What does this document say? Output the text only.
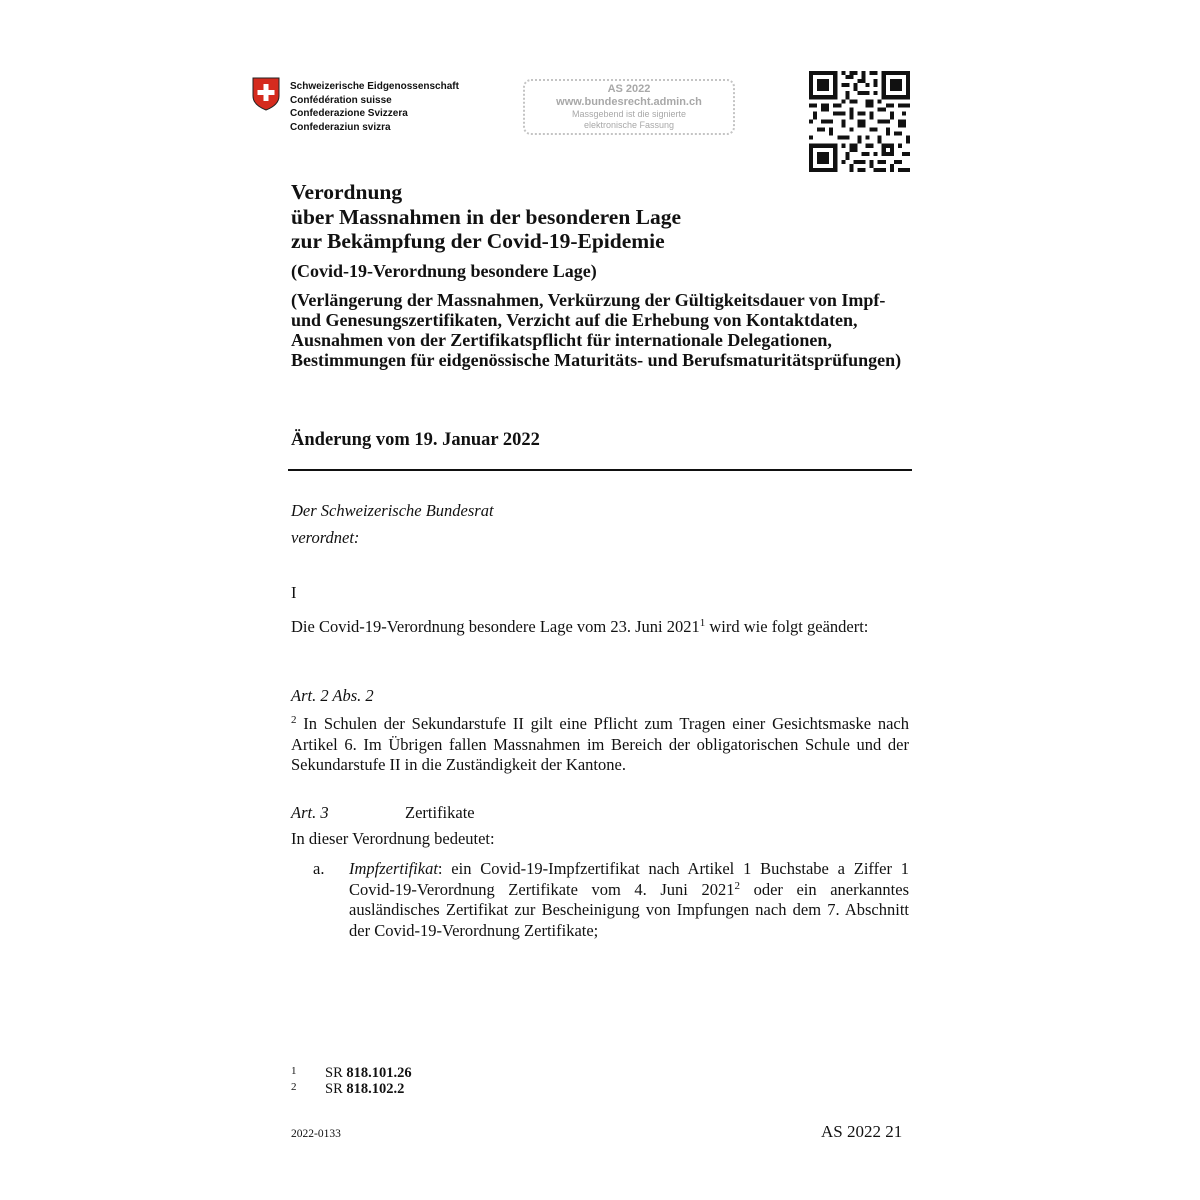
Schweizerische Eidgenossenschaft
Confédération suisse
Confederazione Svizzera
Confederaziun svizra
AS 2022
www.bundesrecht.admin.ch
Massgebend ist die signierte
elektronische Fassung
Verordnung
über Massnahmen in der besonderen Lage
zur Bekämpfung der Covid-19-Epidemie
(Covid-19-Verordnung besondere Lage)
(Verlängerung der Massnahmen, Verkürzung der Gültigkeitsdauer von Impf- und Genesungszertifikaten, Verzicht auf die Erhebung von Kontaktdaten, Ausnahmen von der Zertifikatspflicht für internationale Delegationen, Bestimmungen für eidgenössische Maturitäts- und Berufsmaturitätsprüfungen)
Änderung vom 19. Januar 2022
Der Schweizerische Bundesrat
verordnet:
I
Die Covid-19-Verordnung besondere Lage vom 23. Juni 2021$^1$ wird wie folgt geändert:
Art. 2 Abs. 2
$^2$ In Schulen der Sekundarstufe II gilt eine Pflicht zum Tragen einer Gesichtsmaske nach Artikel 6. Im Übrigen fallen Massnahmen im Bereich der obligatorischen Schule und der Sekundarstufe II in die Zuständigkeit der Kantone.
Art. 3	Zertifikate
In dieser Verordnung bedeutet:
a. Impfzertifikat: ein Covid-19-Impfzertifikat nach Artikel 1 Buchstabe a Ziffer 1 Covid-19-Verordnung Zertifikate vom 4. Juni 2021$^2$ oder ein anerkanntes ausländisches Zertifikat zur Bescheinigung von Impfungen nach dem 7. Abschnitt der Covid-19-Verordnung Zertifikate;
1 SR 818.101.26
2 SR 818.102.2
2022-0133	AS 2022 21
